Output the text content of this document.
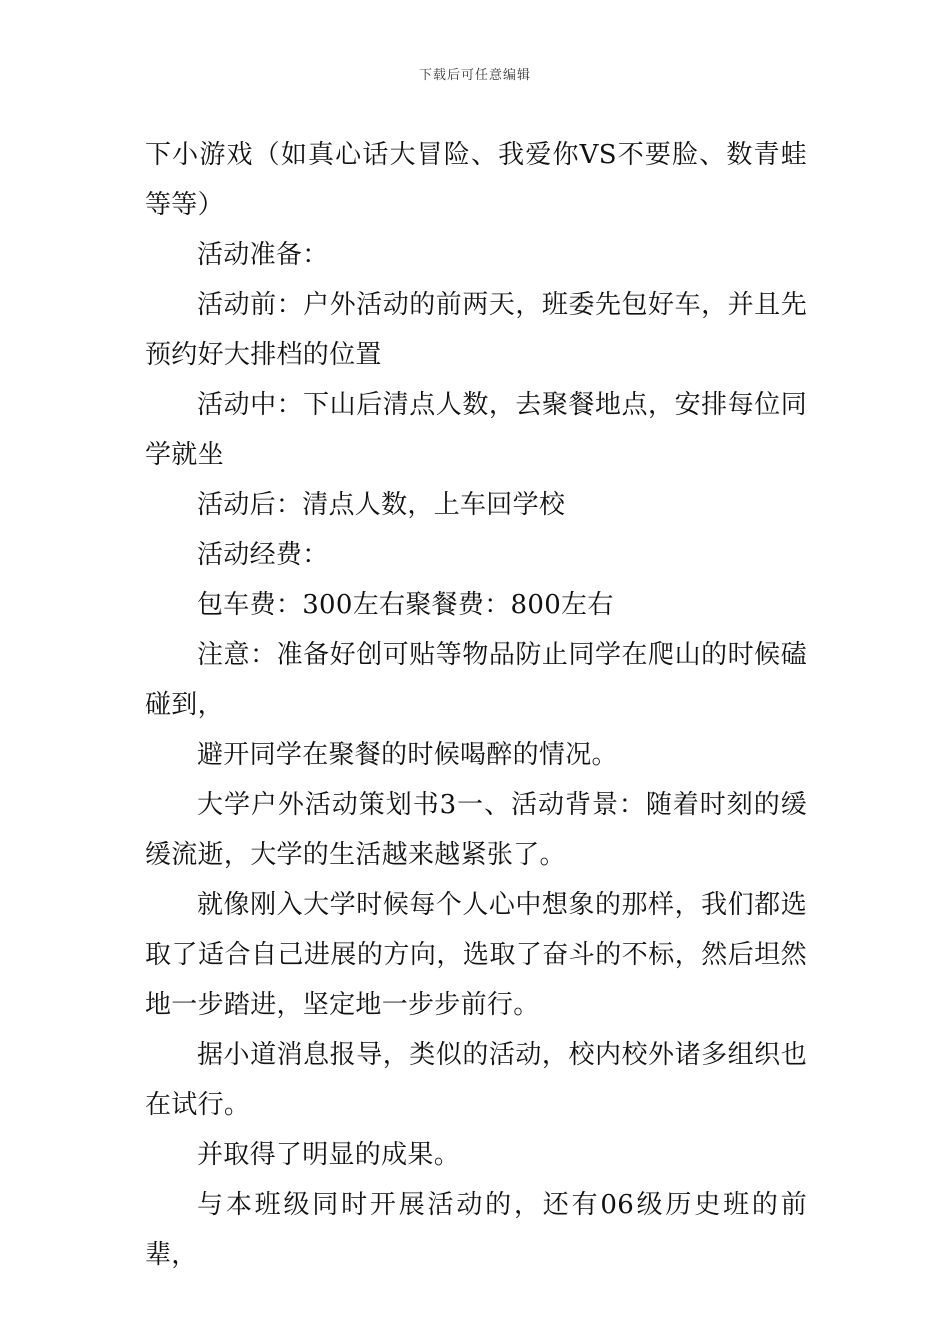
下载后可任意编辑

下小游戏（如真心话大冒险、我爱你VS不要脸、数青蛙等等）

活动准备：

活动前：户外活动的前两天，班委先包好车，并且先预约好大排档的位置

活动中：下山后清点人数，去聚餐地点，安排每位同学就坐

活动后：清点人数，上车回学校

活动经费：

包车费：300左右聚餐费：800左右

注意：准备好创可贴等物品防止同学在爬山的时候磕碰到，

避开同学在聚餐的时候喝醉的情况。

大学户外活动策划书3一、活动背景：随着时刻的缓缓流逝，大学的生活越来越紧张了。

就像刚入大学时候每个人心中想象的那样，我们都选取了适合自己进展的方向，选取了奋斗的不标，然后坦然地一步踏进，坚定地一步步前行。

据小道消息报导，类似的活动，校内校外诸多组织也在试行。

并取得了明显的成果。

与本班级同时开展活动的，还有06级历史班的前辈，
